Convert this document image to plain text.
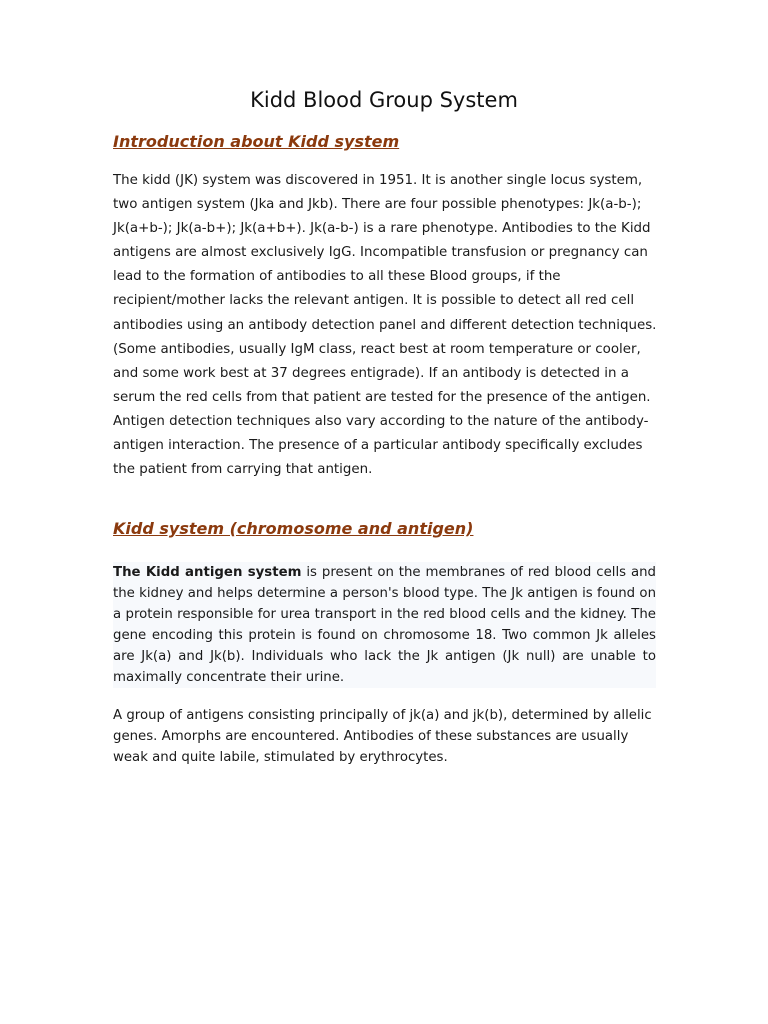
Kidd Blood Group System
Introduction about Kidd system

The kidd (JK) system was discovered in 1951. It is another single locus system, two antigen system (Jka and Jkb). There are four possible phenotypes: Jk(a-b-); Jk(a+b-); Jk(a-b+); Jk(a+b+). Jk(a-b-) is a rare phenotype. Antibodies to the Kidd antigens are almost exclusively IgG. Incompatible transfusion or pregnancy can lead to the formation of antibodies to all these Blood groups, if the recipient/mother lacks the relevant antigen. It is possible to detect all red cell antibodies using an antibody detection panel and different detection techniques. (Some antibodies, usually IgM class, react best at room temperature or cooler, and some work best at 37 degrees entigrade). If an antibody is detected in a serum the red cells from that patient are tested for the presence of the antigen. Antigen detection techniques also vary according to the nature of the antibody-antigen interaction. The presence of a particular antibody specifically excludes the patient from carrying that antigen.

Kidd system (chromosome and antigen)

The Kidd antigen system is present on the membranes of red blood cells and the kidney and helps determine a person's blood type. The Jk antigen is found on a protein responsible for urea transport in the red blood cells and the kidney. The gene encoding this protein is found on chromosome 18. Two common Jk alleles are Jk(a) and Jk(b). Individuals who lack the Jk antigen (Jk null) are unable to maximally concentrate their urine.

A group of antigens consisting principally of jk(a) and jk(b), determined by allelic genes. Amorphs are encountered. Antibodies of these substances are usually weak and quite labile, stimulated by erythrocytes.
